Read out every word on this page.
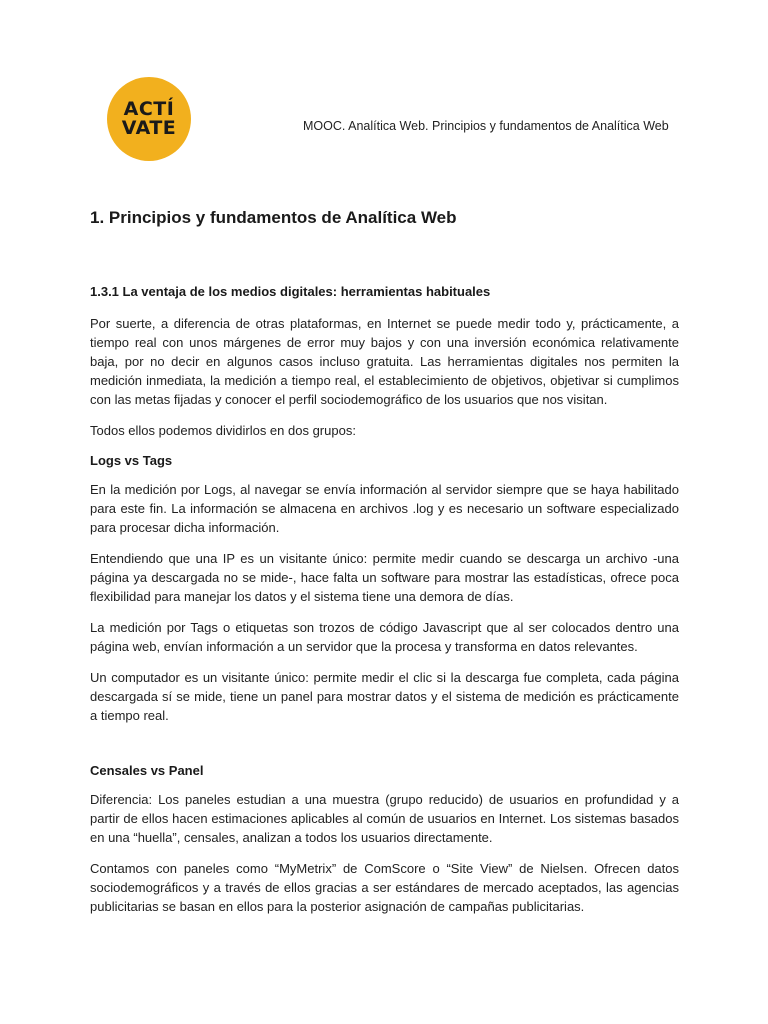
ACTÍ
VATE	MOOC. Analítica Web. Principios y fundamentos de Analítica Web
1. Principios y fundamentos de Analítica Web
1.3.1 La ventaja de los medios digitales: herramientas habituales

Por suerte, a diferencia de otras plataformas, en Internet se puede medir todo y, prácticamente, a tiempo real con unos márgenes de error muy bajos y con una inversión económica relativamente baja, por no decir en algunos casos incluso gratuita. Las herramientas digitales nos permiten la medición inmediata, la medición a tiempo real, el establecimiento de objetivos, objetivar si cumplimos con las metas fijadas y conocer el perfil sociodemográfico de los usuarios que nos visitan.

Todos ellos podemos dividirlos en dos grupos:

Logs vs Tags

En la medición por Logs, al navegar se envía información al servidor siempre que se haya habilitado para este fin. La información se almacena en archivos .log y es necesario un software especializado para procesar dicha información.

Entendiendo que una IP es un visitante único: permite medir cuando se descarga un archivo -una página ya descargada no se mide-, hace falta un software para mostrar las estadísticas, ofrece poca flexibilidad para manejar los datos y el sistema tiene una demora de días.

La medición por Tags o etiquetas son trozos de código Javascript que al ser colocados dentro una página web, envían información a un servidor que la procesa y transforma en datos relevantes.

Un computador es un visitante único: permite medir el clic si la descarga fue completa, cada página descargada sí se mide, tiene un panel para mostrar datos y el sistema de medición es prácticamente a tiempo real.

Censales vs Panel

Diferencia: Los paneles estudian a una muestra (grupo reducido) de usuarios en profundidad y a partir de ellos hacen estimaciones aplicables al común de usuarios en Internet. Los sistemas basados en una “huella”, censales, analizan a todos los usuarios directamente.

Contamos con paneles como “MyMetrix” de ComScore o “Site View” de Nielsen. Ofrecen datos sociodemográficos y a través de ellos gracias a ser estándares de mercado aceptados, las agencias publicitarias se basan en ellos para la posterior asignación de campañas publicitarias.
